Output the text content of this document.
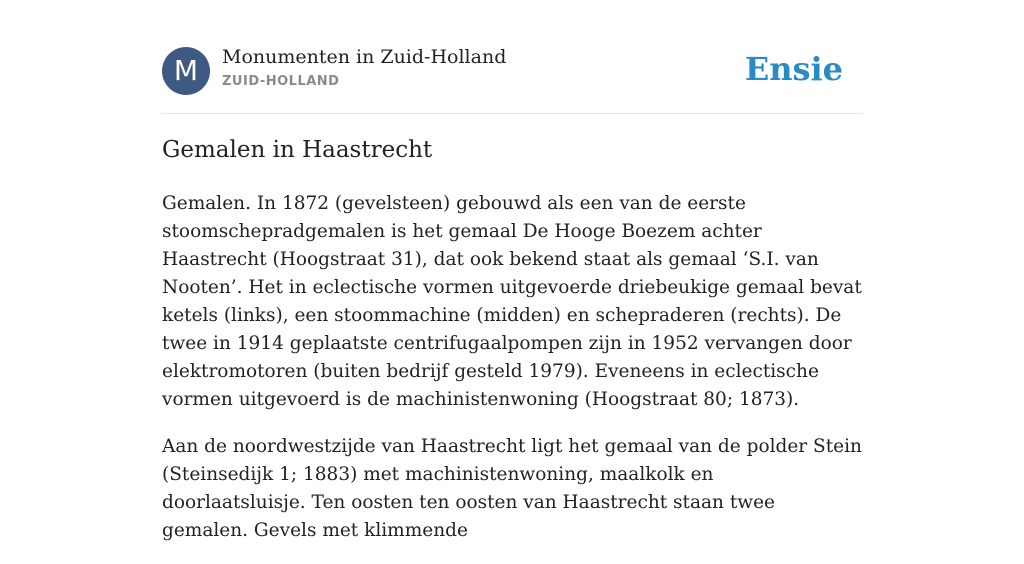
M	Monumenten in Zuid-Holland
ZUID-HOLLAND	Ensie
Gemalen in Haastrecht

Gemalen. In 1872 (gevelsteen) gebouwd als een van de eerste stoomschepradgemalen is het gemaal De Hooge Boezem achter Haastrecht (Hoogstraat 31), dat ook bekend staat als gemaal ‘S.I. van Nooten’. Het in eclectische vormen uitgevoerde driebeukige gemaal bevat ketels (links), een stoommachine (midden) en schepraderen (rechts). De twee in 1914 geplaatste centrifugaalpompen zijn in 1952 vervangen door elektromotoren (buiten bedrijf gesteld 1979). Eveneens in eclectische vormen uitgevoerd is de machinistenwoning (Hoogstraat 80; 1873).

Aan de noordwestzijde van Haastrecht ligt het gemaal van de polder Stein (Steinsedijk 1; 1883) met machinistenwoning, maalkolk en doorlaatsluisje. Ten oosten ten oosten van Haastrecht staan twee gemalen. Gevels met klimmende
